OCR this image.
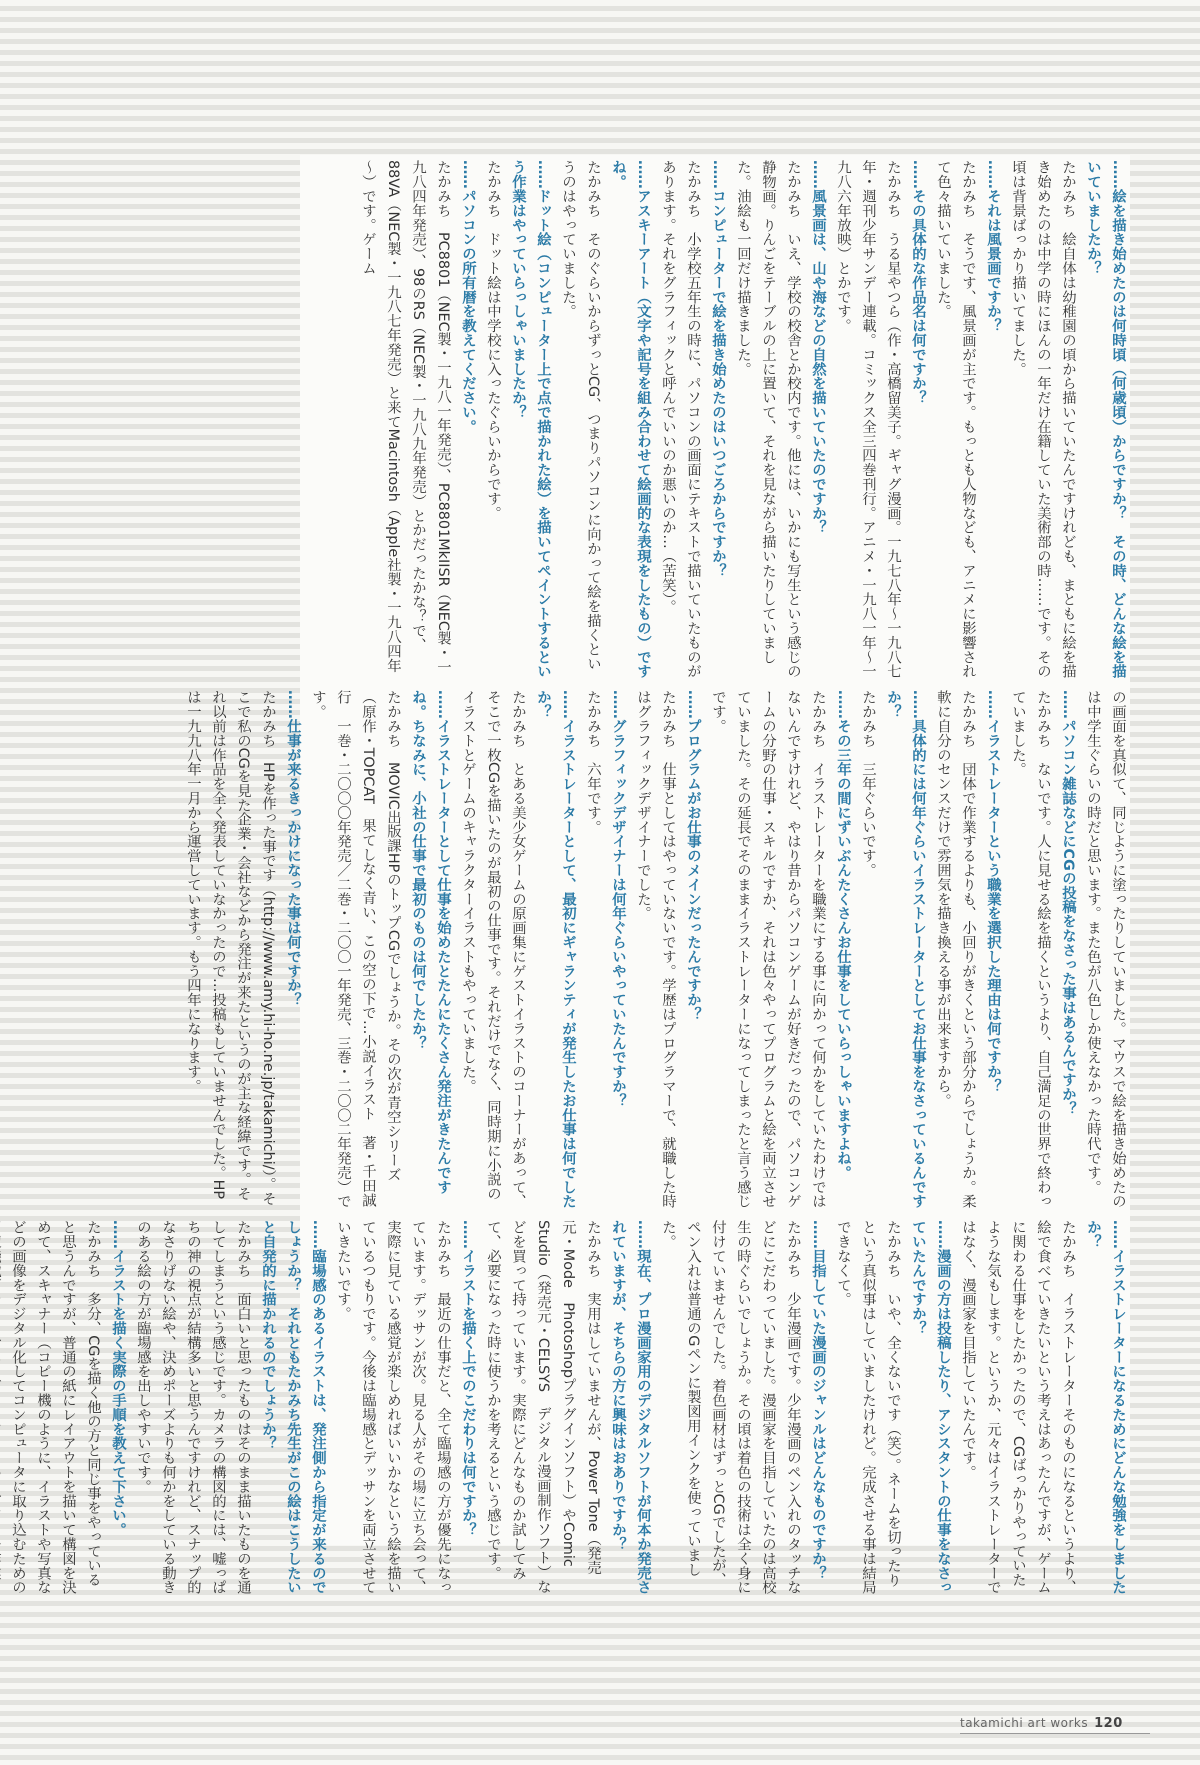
……絵を描き始めたのは何時頃（何歳頃）からですか？　その時、どんな絵を描いていましたか？

たかみち　絵自体は幼稚園の頃から描いていたんですけれども、まともに絵を描き始めたのは中学の時にほんの一年だけ在籍していた美術部の時……です。その頃は背景ばっかり描いてました。

……それは風景画ですか？

たかみち　そうです、風景画が主です。もっとも人物なども、アニメに影響されて色々描いていました。

……その具体的な作品名は何ですか？

たかみち　うる星やつら（作・高橋留美子。ギャグ漫画。一九七八年～一九八七年・週刊少年サンデー連載。コミックス全三四巻刊行。アニメ・一九八一年～一九八六年放映）とかです。

……風景画は、山や海などの自然を描いていたのですか？

たかみち　いえ、学校の校舎とか校内です。他には、いかにも写生という感じの静物画。りんごをテーブルの上に置いて、それを見ながら描いたりしていました。油絵も一回だけ描きました。

……コンピューターで絵を描き始めたのはいつごろからですか？

たかみち　小学校五年生の時に、パソコンの画面にテキストで描いていたものがあります。それをグラフィックと呼んでいいのか悪いのか…（苦笑）。

……アスキーアート（文字や記号を組み合わせて絵画的な表現をしたもの）ですね。

たかみち　そのぐらいからずっとCG、つまりパソコンに向かって絵を描くというのはやっていました。

……ドット絵（コンピューター上で点で描かれた絵）を描いてペイントするという作業はやっていらっしゃいましたか？

たかみち　ドット絵は中学校に入ったぐらいからです。

……パソコンの所有暦を教えてください。

たかみち　PC8801（NEC製・一九八一年発売）、PC8801MkIISR（NEC製・一九八四年発売）、98のRS（NEC製・一九八九年発売）とかだったかな？で、88VA（NEC製・一九八七年発売）と来てMacintosh（Apple社製・一九八四年～）です。ゲーム

の画面を真似て、同じように塗ったりしていました。マウスで絵を描き始めたのは中学生ぐらいの時だと思います。また色が八色しか使えなかった時代です。

……パソコン雑誌などにCGの投稿をなさった事はあるんですか？

たかみち　ないです。人に見せる絵を描くというより、自己満足の世界で終わっていました。

……イラストレーターという職業を選択した理由は何ですか？

たかみち　団体で作業するよりも、小回りがきくという部分からでしょうか。柔軟に自分のセンスだけで雰囲気を描き換える事が出来ますから。

……具体的には何年ぐらいイラストレーターとしてお仕事をなさっているんですか？

たかみち　三年ぐらいです。

……その三年の間にずいぶんたくさんお仕事をしていらっしゃいますよね。

たかみち　イラストレーターを職業にする事に向かって何かをしていたわけではないんですけれど、やはり昔からパソコンゲームが好きだったので、パソコンゲームの分野の仕事・スキルですか、それは色々やってプログラムと絵を両立させていました。その延長でそのままイラストレーターになってしまったと言う感じです。

……プログラムがお仕事のメインだったんですか？

たかみち　仕事としてはやっていないです。学歴はプログラマーで、就職した時はグラフィックデザイナーでした。

……グラフィックデザイナーは何年ぐらいやっていたんですか？

たかみち　六年です。

……イラストレーターとして、最初にギャランティが発生したお仕事は何でしたか？

たかみち　とある美少女ゲームの原画集にゲストイラストのコーナーがあって、そこで一枚CGを描いたのが最初の仕事です。それだけでなく、同時期に小説のイラストとゲームのキャラクターイラストもやっていました。

……イラストレーターとして仕事を始めたとたんにたくさん発注がきたんですね。ちなみに、小社の仕事で最初のものは何でしたか？

たかみち　MOVIC出版課HPのトップCGでしょうか。その次が青空シリーズ（原作・TOPCAT　果てしなく青い、この空の下で…小説イラスト　著・千田誠行　一巻・二〇〇〇年発売／二巻・二〇〇一年発売、三巻・二〇〇二年発売）です。

……仕事が来るきっかけになった事は何ですか？

たかみち　HPを作った事です（http://www.amy.hi-ho.ne.jp/takamichi/）。そこで私のCGを見た企業・会社などから発注が来たというのが主な経緯です。それ以前は作品を全く発表していなかったので…投稿もしていませんでした。HPは一九九八年一月から運営しています。もう四年になります。

……イラストレーターになるためにどんな勉強をしましたか？

たかみち　イラストレーターそのものになるというより、絵で食べていきたいという考えはあったんですが、ゲームに関わる仕事をしたかったので、CGばっかりやっていたような気もします。というか、元々はイラストレーターではなく、漫画家を目指していたんです。

……漫画の方は投稿したり、アシスタントの仕事をなさっていたんですか？

たかみち　いや、全くないです（笑）。ネームを切ったりという真似事はしていましたけれど。完成させる事は結局できなくて。

……目指していた漫画のジャンルはどんなものですか？

たかみち　少年漫画です。少年漫画のペン入れのタッチなどにこだわっていました。漫画家を目指していたのは高校生の時ぐらいでしょうか。その頃は着色の技術は全く身に付けていませんでした。着色画材はずっとCGでしたが、ペン入れは普通のGペンに製図用インクを使っていました。

……現在、プロ漫画家用のデジタルソフトが何本か発売されていますが、そちらの方に興味はおありですか？

たかみち　実用はしていませんが、Power Tone（発売元・Mode　Photoshopプラグインソフト）やComic Studio（発売元・CELSYS　デジタル漫画制作ソフト）などを買って持っています。実際にどんなものか試してみて、必要になった時に使うかを考えるという感じです。

……イラストを描く上でのこだわりは何ですか？

たかみち　最近の仕事だと、全て臨場感の方が優先になっています。デッサンが次。見る人がその場に立ち会って、実際に見ている感覚が楽しめればいいかなという絵を描いているつもりです。今後は臨場感とデッサンを両立させていきたいです。

……臨場感のあるイラストは、発注側から指定が来るのでしょうか？　それともたかみち先生がこの絵はこうしたいと自発的に描かれるのでしょうか？

たかみち　面白いと思ったものはそのまま描いたものを通してしまうという感じです。カメラの構図的には、嘘っぱちの神の視点が結構多いと思うんですけれど、スナップ的なさりげない絵や、決めポーズよりも何かをしている動きのある絵の方が臨場感を出しやすいです。

……イラストを描く実際の手順を教えて下さい。

たかみち　多分、CGを描く他の方と同じ事をやっていると思うんですが、普通の紙にレイアウトを描いて構図を決めて、スキャナー（コピー機のように、イラストや写真などの画像をデジタル化してコンピュータに取り込むための　　

takamichi art works 120
